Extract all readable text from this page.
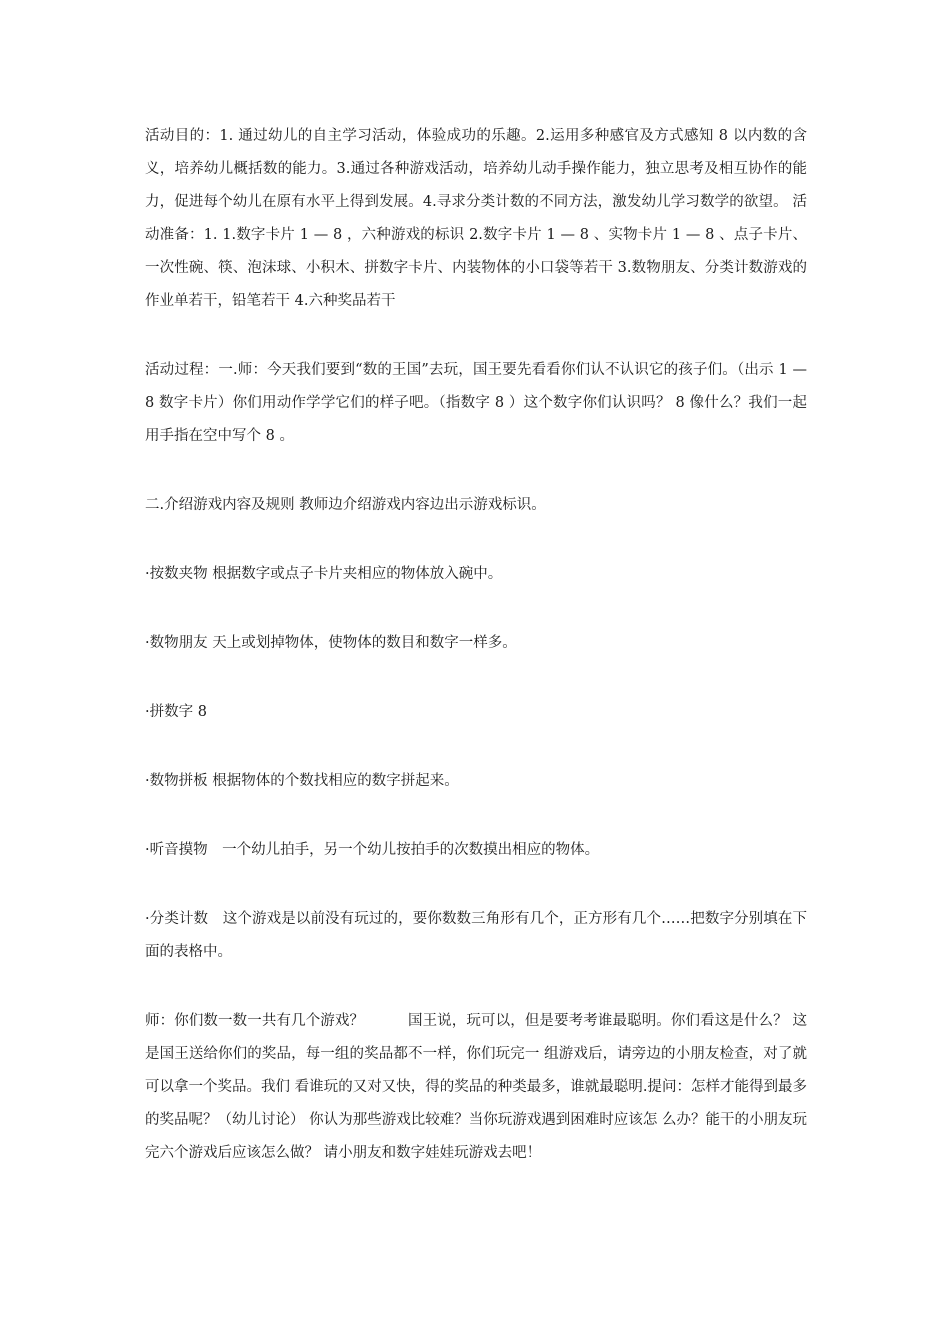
活动目的：1. 通过幼儿的自主学习活动，体验成功的乐趣。2.运用多种感官及方式感知 8 以内数的含义，培养幼儿概括数的能力。3.通过各种游戏活动，培养幼儿动手操作能力，独立思考及相互协作的能力，促进每个幼儿在原有水平上得到发展。4.寻求分类计数的不同方法，激发幼儿学习数学的欲望。 活动准备：1. 1.数字卡片 1 — 8 ，六种游戏的标识 2.数字卡片 1 — 8 、实物卡片 1 — 8 、点子卡片、一次性碗、筷、泡沫球、小积木、拼数字卡片、内装物体的小口袋等若干 3.数物朋友、分类计数游戏的作业单若干，铅笔若干 4.六种奖品若干

活动过程：一.师：今天我们要到“数的王国”去玩，国王要先看看你们认不认识它的孩子们。（出示 1 — 8 数字卡片）你们用动作学学它们的样子吧。（指数字 8 ）这个数字你们认识吗？ 8 像什么？我们一起用手指在空中写个 8 。

二.介绍游戏内容及规则 教师边介绍游戏内容边出示游戏标识。

·按数夹物 根据数字或点子卡片夹相应的物体放入碗中。

·数物朋友 天上或划掉物体，使物体的数目和数字一样多。

·拼数字 8

·数物拼板 根据物体的个数找相应的数字拼起来。

·听音摸物　一个幼儿拍手，另一个幼儿按拍手的次数摸出相应的物体。

·分类计数　这个游戏是以前没有玩过的，要你数数三角形有几个，正方形有几个……把数字分别填在下面的表格中。

师：你们数一数一共有几个游戏？　　　国王说，玩可以，但是要考考谁最聪明。你们看这是什么？ 这是国王送给你们的奖品，每一组的奖品都不一样，你们玩完一 组游戏后，请旁边的小朋友检查，对了就可以拿一个奖品。我们 看谁玩的又对又快，得的奖品的种类最多，谁就最聪明.提问：怎样才能得到最多的奖品呢？（幼儿讨论） 你认为那些游戏比较难？当你玩游戏遇到困难时应该怎 么办？能干的小朋友玩完六个游戏后应该怎么做？ 请小朋友和数字娃娃玩游戏去吧！
